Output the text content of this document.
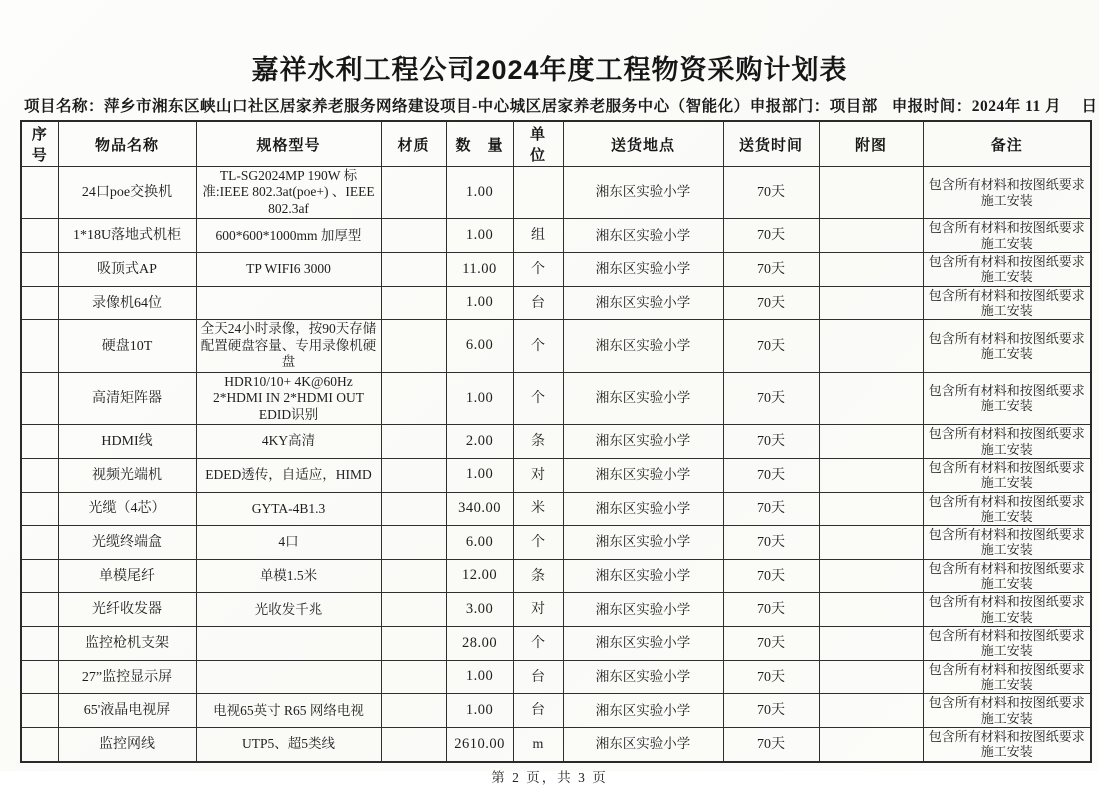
嘉祥水利工程公司2024年度工程物资采购计划表
项目名称：萍乡市湘东区峡山口社区居家养老服务网络建设项目-中心城区居家养老服务中心（智能化）申报部门：项目部 申报时间：2024年 11 月　 日
序号	物品名称	规格型号	材质	数　量	单　位	送货地点	送货时间	附图	备注
	24口poe交换机	TL-SG2024MP 190W 标准:IEEE 802.3at(poe+) 、IEEE 802.3af		1.00		湘东区实验小学	70天		包含所有材料和按图纸要求施工安装
	1*18U落地式机柜	600*600*1000mm 加厚型		1.00	组	湘东区实验小学	70天		包含所有材料和按图纸要求施工安装
	吸顶式AP	TP WIFI6 3000		11.00	个	湘东区实验小学	70天		包含所有材料和按图纸要求施工安装
	录像机64位			1.00	台	湘东区实验小学	70天		包含所有材料和按图纸要求施工安装
	硬盘10T	全天24小时录像，按90天存储配置硬盘容量、专用录像机硬盘		6.00	个	湘东区实验小学	70天		包含所有材料和按图纸要求施工安装
	高清矩阵器	HDR10/10+ 4K@60Hz 2*HDMI IN 2*HDMI OUT EDID识别		1.00	个	湘东区实验小学	70天		包含所有材料和按图纸要求施工安装
	HDMI线	4KY高清		2.00	条	湘东区实验小学	70天		包含所有材料和按图纸要求施工安装
	视频光端机	EDED透传，自适应，HIMD		1.00	对	湘东区实验小学	70天		包含所有材料和按图纸要求施工安装
	光缆（4芯）	GYTA-4B1.3		340.00	米	湘东区实验小学	70天		包含所有材料和按图纸要求施工安装
	光缆终端盒	4口		6.00	个	湘东区实验小学	70天		包含所有材料和按图纸要求施工安装
	单模尾纤	单模1.5米		12.00	条	湘东区实验小学	70天		包含所有材料和按图纸要求施工安装
	光纤收发器	光收发千兆		3.00	对	湘东区实验小学	70天		包含所有材料和按图纸要求施工安装
	监控枪机支架			28.00	个	湘东区实验小学	70天		包含所有材料和按图纸要求施工安装
	27”监控显示屏			1.00	台	湘东区实验小学	70天		包含所有材料和按图纸要求施工安装
	65'液晶电视屏	电视65英寸 R65 网络电视		1.00	台	湘东区实验小学	70天		包含所有材料和按图纸要求施工安装
	监控网线	UTP5、超5类线		2610.00	m	湘东区实验小学	70天		包含所有材料和按图纸要求施工安装
第 2 页，共 3 页
